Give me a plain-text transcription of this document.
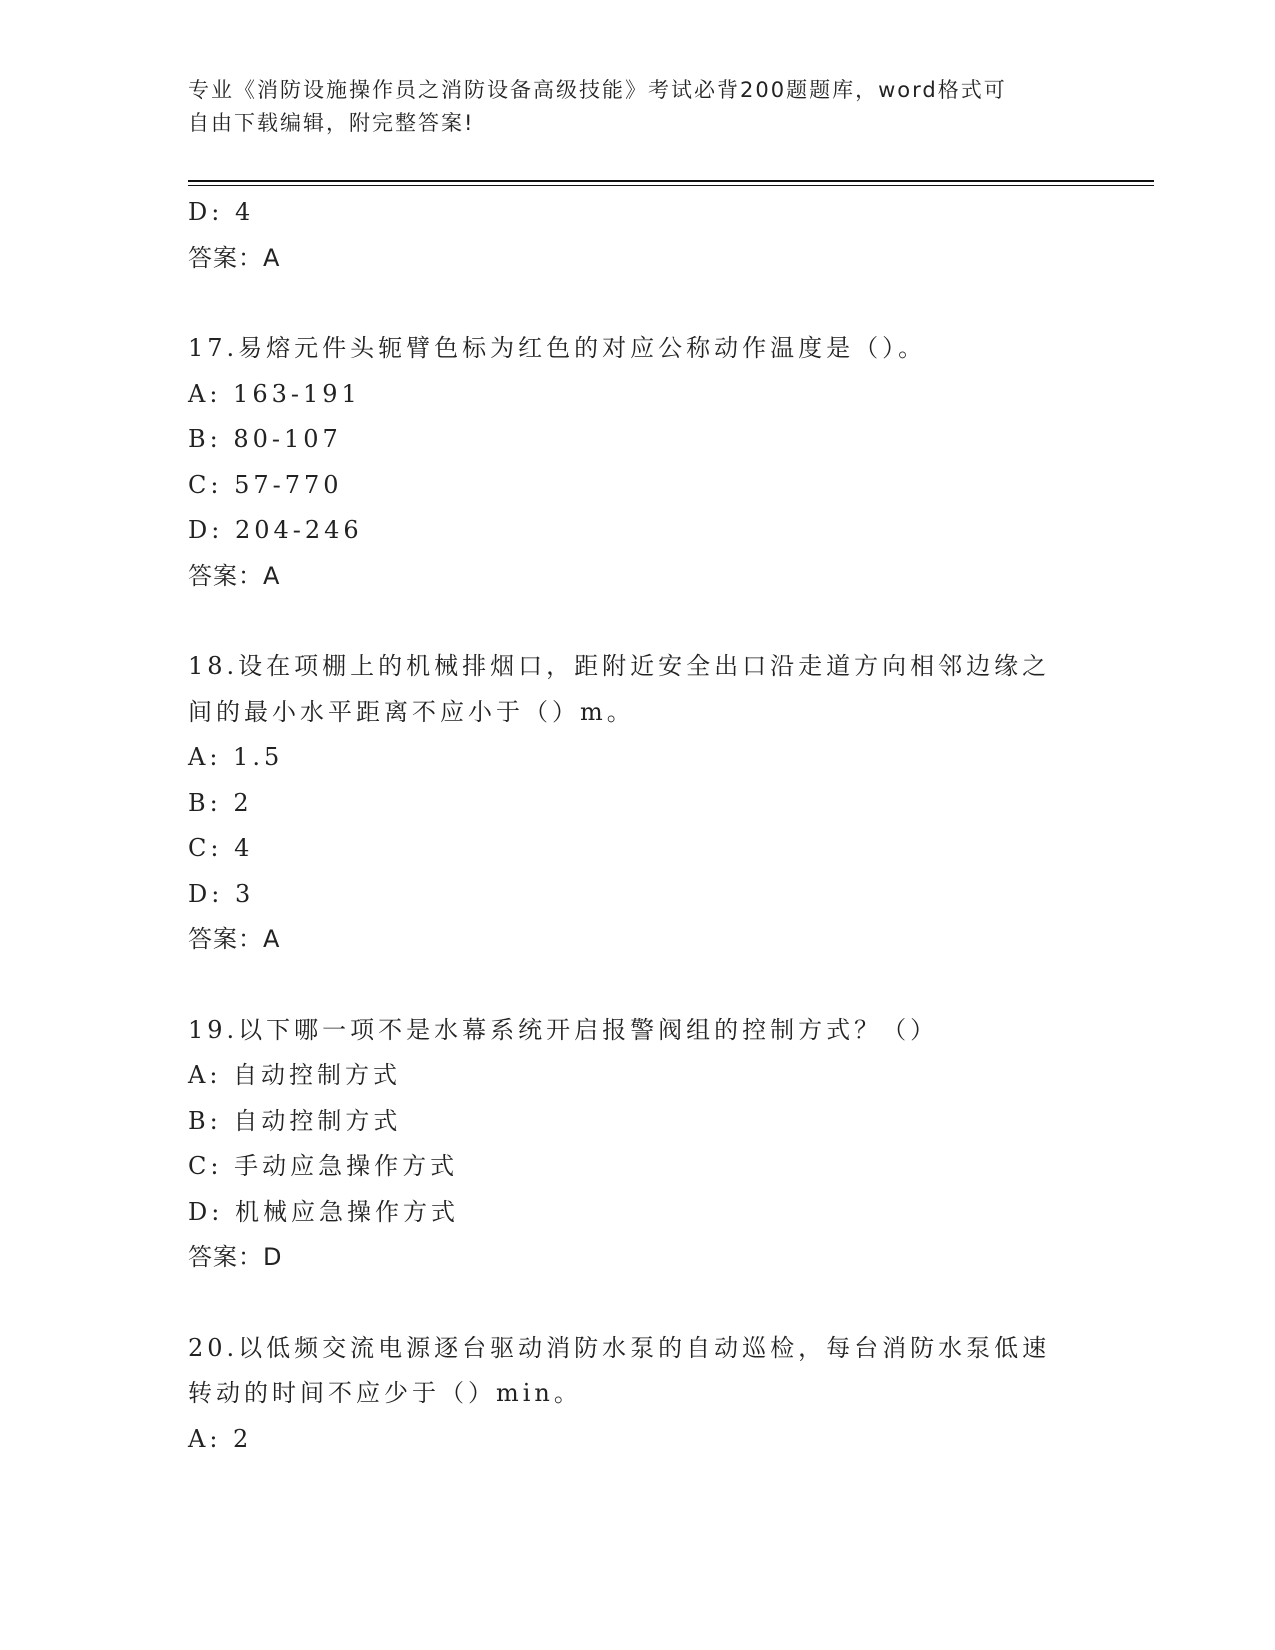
专业《消防设施操作员之消防设备高级技能》考试必背200题题库，word格式可
自由下载编辑，附完整答案!
D: 4
答案：A
17.易熔元件头轭臂色标为红色的对应公称动作温度是（）。
A: 163-191
B: 80-107
C: 57-770
D: 204-246
答案：A
18.设在项棚上的机械排烟口，距附近安全出口沿走道方向相邻边缘之
间的最小水平距离不应小于（）m。
A: 1.5
B: 2
C: 4
D: 3
答案：A
19.以下哪一项不是水幕系统开启报警阀组的控制方式？（）
A: 自动控制方式
B: 自动控制方式
C: 手动应急操作方式
D: 机械应急操作方式
答案：D
20.以低频交流电源逐台驱动消防水泵的自动巡检，每台消防水泵低速
转动的时间不应少于（）min。
A: 2
